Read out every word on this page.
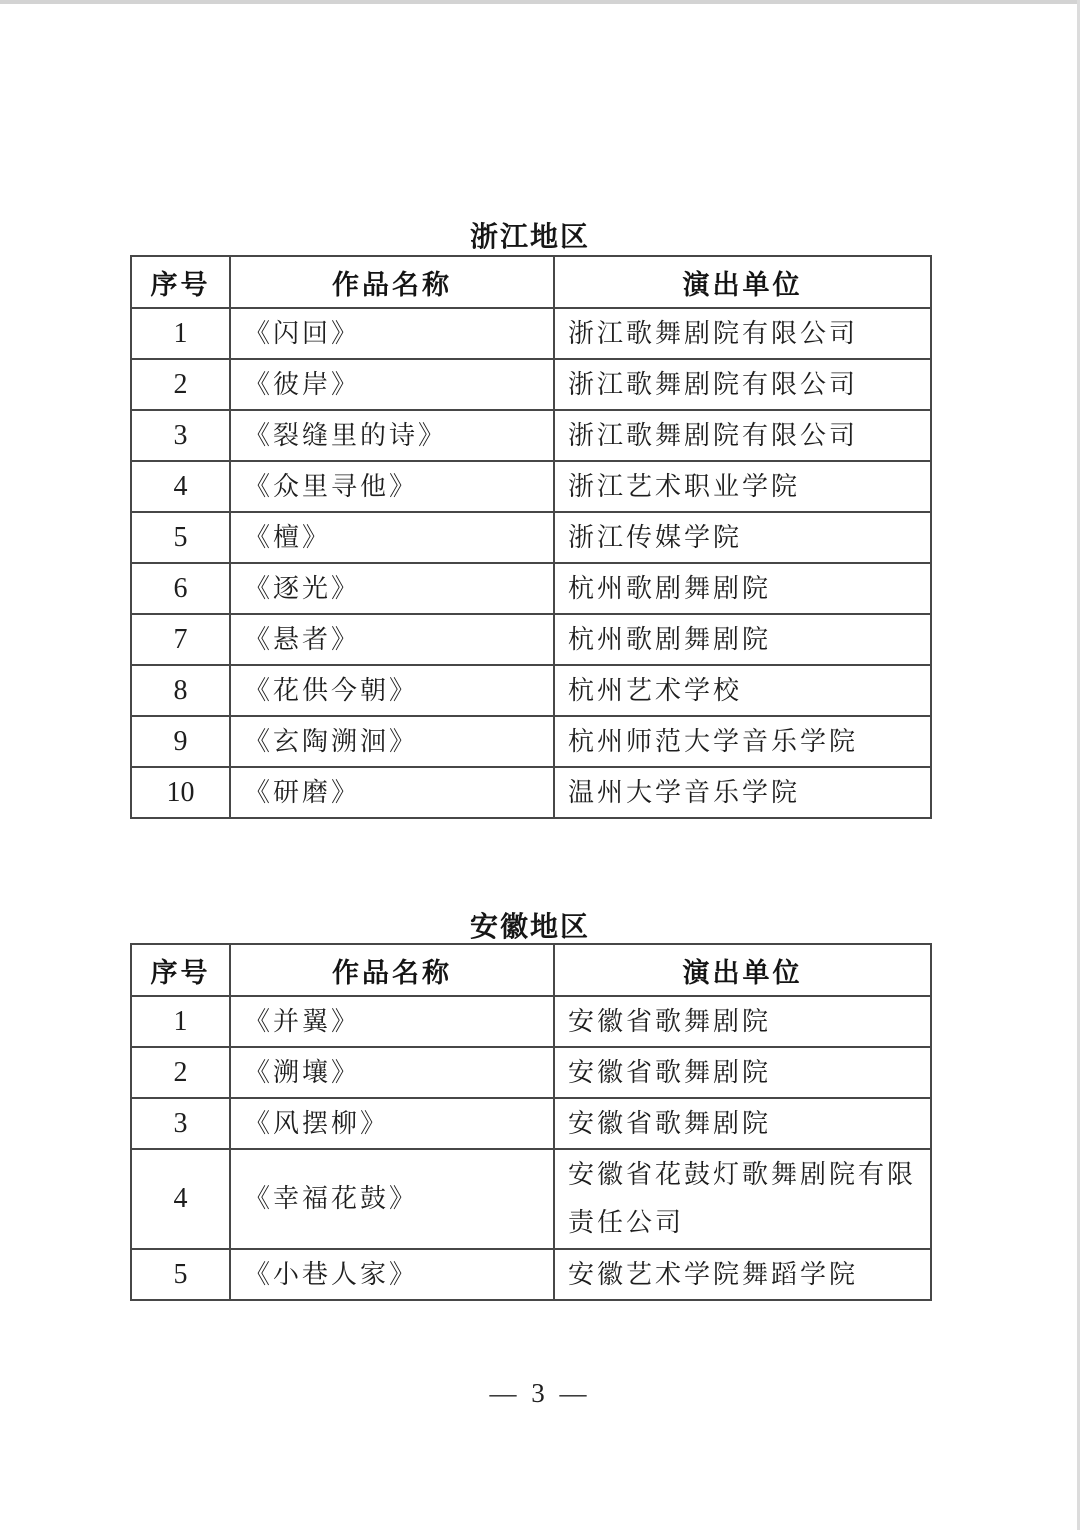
浙江地区
序号	作品名称	演出单位
1	《闪回》	浙江歌舞剧院有限公司
2	《彼岸》	浙江歌舞剧院有限公司
3	《裂缝里的诗》	浙江歌舞剧院有限公司
4	《众里寻他》	浙江艺术职业学院
5	《檀》	浙江传媒学院
6	《逐光》	杭州歌剧舞剧院
7	《悬者》	杭州歌剧舞剧院
8	《花供今朝》	杭州艺术学校
9	《玄陶溯洄》	杭州师范大学音乐学院
10	《研磨》	温州大学音乐学院
安徽地区
序号	作品名称	演出单位
1	《并翼》	安徽省歌舞剧院
2	《溯壤》	安徽省歌舞剧院
3	《风摆柳》	安徽省歌舞剧院
4	《幸福花鼓》	安徽省花鼓灯歌舞剧院有限责任公司
5	《小巷人家》	安徽艺术学院舞蹈学院
— 3 —
